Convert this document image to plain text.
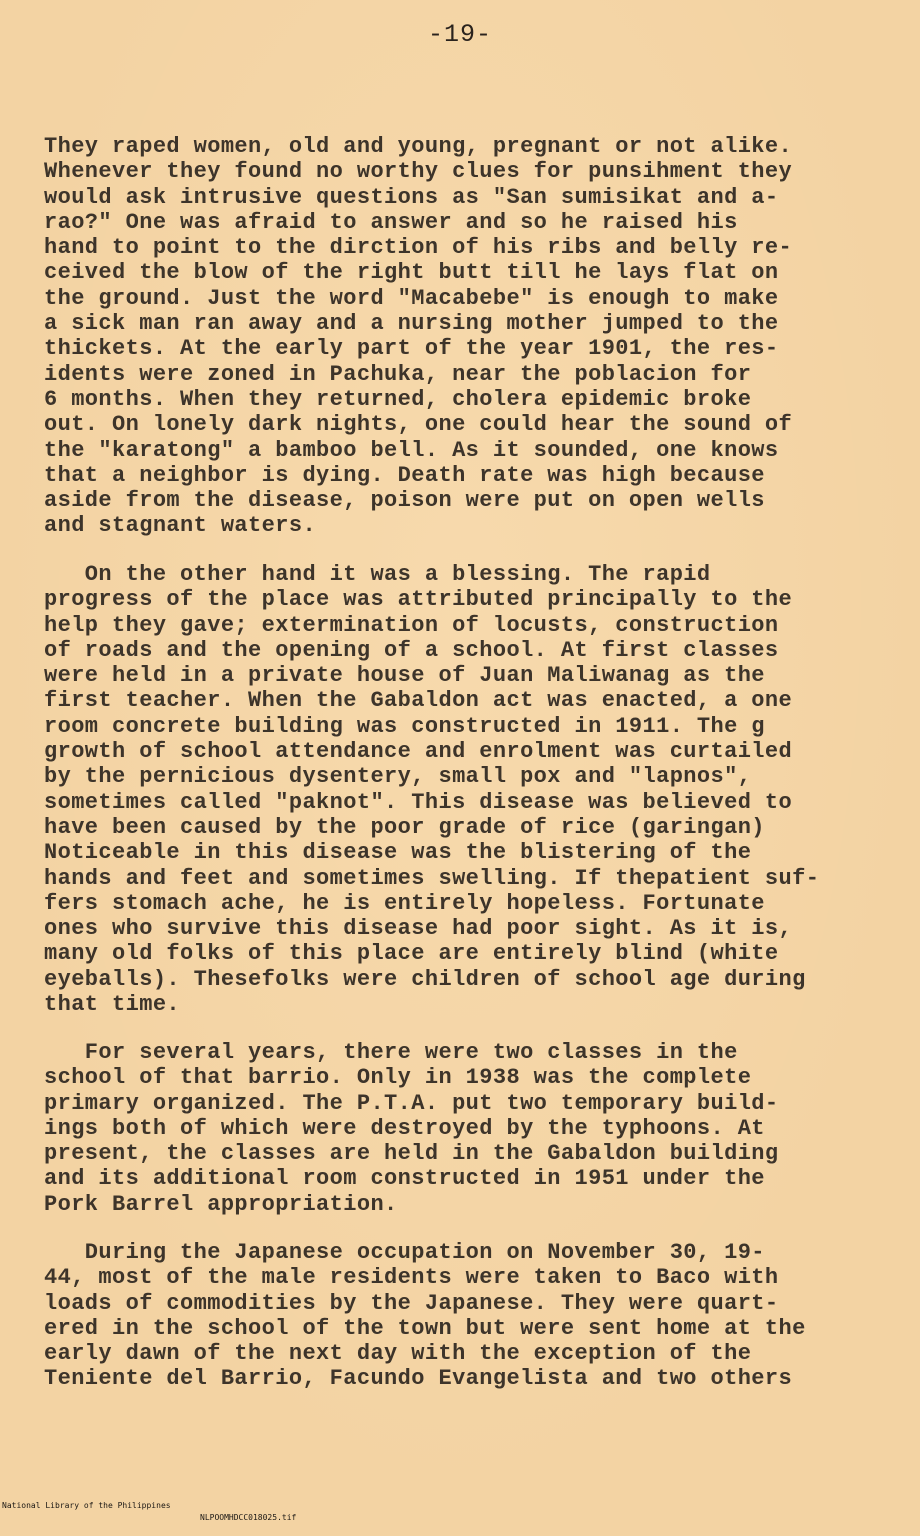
-19-
They raped women, old and young, pregnant or not alike.
Whenever they found no worthy clues for punsihment they
would ask intrusive questions as "San sumisikat and a-
rao?" One was afraid to answer and so he raised his
hand to point to the dirction of his ribs and belly re-
ceived the blow of the right butt till he lays flat on
the ground. Just the word "Macabebe" is enough to make
a sick man ran away and a nursing mother jumped to the
thickets. At the early part of the year 1901, the res-
idents were zoned in Pachuka, near the poblacion for
6 months. When they returned, cholera epidemic broke
out. On lonely dark nights, one could hear the sound of
the "karatong" a bamboo bell. As it sounded, one knows
that a neighbor is dying. Death rate was high because
aside from the disease, poison were put on open wells
and stagnant waters.
On the other hand it was a blessing. The rapid
progress of the place was attributed principally to the
help they gave; extermination of locusts, construction
of roads and the opening of a school. At first classes
were held in a private house of Juan Maliwanag as the
first teacher. When the Gabaldon act was enacted, a one
room concrete building was constructed in 1911. The g
growth of school attendance and enrolment was curtailed
by the pernicious dysentery, small pox and "lapnos",
sometimes called "paknot". This disease was believed to
have been caused by the poor grade of rice (garingan)
Noticeable in this disease was the blistering of the
hands and feet and sometimes swelling. If thepatient suf-
fers stomach ache, he is entirely hopeless. Fortunate
ones who survive this disease had poor sight. As it is,
many old folks of this place are entirely blind (white
eyeballs). Thesefolks were children of school age during
that time.
For several years, there were two classes in the
school of that barrio. Only in 1938 was the complete
primary organized. The P.T.A. put two temporary build-
ings both of which were destroyed by the typhoons. At
present, the classes are held in the Gabaldon building
and its additional room constructed in 1951 under the
Pork Barrel appropriation.
During the Japanese occupation on November 30, 19-
44, most of the male residents were taken to Baco with
loads of commodities by the Japanese. They were quart-
ered in the school of the town but were sent home at the
early dawn of the next day with the exception of the
Teniente del Barrio, Facundo Evangelista and two others

National Library of the Philippines

NLPOOMHDCC018025.tif
